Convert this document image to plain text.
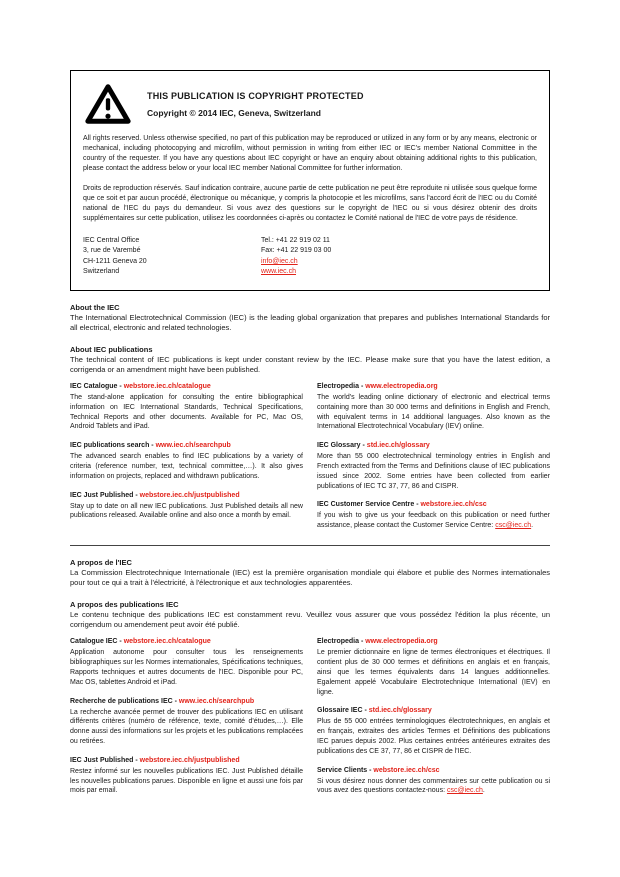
THIS PUBLICATION IS COPYRIGHT PROTECTED
Copyright © 2014 IEC, Geneva, Switzerland

All rights reserved. Unless otherwise specified, no part of this publication may be reproduced or utilized in any form or by any means, electronic or mechanical, including photocopying and microfilm, without permission in writing from either IEC or IEC's member National Committee in the country of the requester. If you have any questions about IEC copyright or have an enquiry about obtaining additional rights to this publication, please contact the address below or your local IEC member National Committee for further information.

Droits de reproduction réservés. Sauf indication contraire, aucune partie de cette publication ne peut être reproduite ni utilisée sous quelque forme que ce soit et par aucun procédé, électronique ou mécanique, y compris la photocopie et les microfilms, sans l'accord écrit de l'IEC ou du Comité national de l'IEC du pays du demandeur. Si vous avez des questions sur le copyright de l'IEC ou si vous désirez obtenir des droits supplémentaires sur cette publication, utilisez les coordonnées ci-après ou contactez le Comité national de l'IEC de votre pays de résidence.

IEC Central Office
3, rue de Varembé
CH-1211 Geneva 20
Switzerland
Tel.: +41 22 919 02 11
Fax: +41 22 919 03 00
info@iec.ch
www.iec.ch
About the IEC

The International Electrotechnical Commission (IEC) is the leading global organization that prepares and publishes International Standards for all electrical, electronic and related technologies.

About IEC publications

The technical content of IEC publications is kept under constant review by the IEC. Please make sure that you have the latest edition, a corrigenda or an amendment might have been published.

IEC Catalogue - webstore.iec.ch/catalogue
The stand-alone application for consulting the entire bibliographical information on IEC International Standards, Technical Specifications, Technical Reports and other documents. Available for PC, Mac OS, Android Tablets and iPad.
IEC publications search - www.iec.ch/searchpub
The advanced search enables to find IEC publications by a variety of criteria (reference number, text, technical committee,…). It also gives information on projects, replaced and withdrawn publications.
IEC Just Published - webstore.iec.ch/justpublished
Stay up to date on all new IEC publications. Just Published details all new publications released. Available online and also once a month by email.
Electropedia - www.electropedia.org
The world's leading online dictionary of electronic and electrical terms containing more than 30 000 terms and definitions in English and French, with equivalent terms in 14 additional languages. Also known as the International Electrotechnical Vocabulary (IEV) online.
IEC Glossary - std.iec.ch/glossary
More than 55 000 electrotechnical terminology entries in English and French extracted from the Terms and Definitions clause of IEC publications issued since 2002. Some entries have been collected from earlier publications of IEC TC 37, 77, 86 and CISPR.
IEC Customer Service Centre - webstore.iec.ch/csc
If you wish to give us your feedback on this publication or need further assistance, please contact the Customer Service Centre: csc@iec.ch.
A propos de l'IEC

La Commission Electrotechnique Internationale (IEC) est la première organisation mondiale qui élabore et publie des Normes internationales pour tout ce qui a trait à l'électricité, à l'électronique et aux technologies apparentées.

A propos des publications IEC

Le contenu technique des publications IEC est constamment revu. Veuillez vous assurer que vous possédez l'édition la plus récente, un corrigendum ou amendement peut avoir été publié.

Catalogue IEC - webstore.iec.ch/catalogue
Application autonome pour consulter tous les renseignements bibliographiques sur les Normes internationales, Spécifications techniques, Rapports techniques et autres documents de l'IEC. Disponible pour PC, Mac OS, tablettes Android et iPad.
Recherche de publications IEC - www.iec.ch/searchpub
La recherche avancée permet de trouver des publications IEC en utilisant différents critères (numéro de référence, texte, comité d'études,…). Elle donne aussi des informations sur les projets et les publications remplacées ou retirées.
IEC Just Published - webstore.iec.ch/justpublished
Restez informé sur les nouvelles publications IEC. Just Published détaille les nouvelles publications parues. Disponible en ligne et aussi une fois par mois par email.
Electropedia - www.electropedia.org
Le premier dictionnaire en ligne de termes électroniques et électriques. Il contient plus de 30 000 termes et définitions en anglais et en français, ainsi que les termes équivalents dans 14 langues additionnelles. Egalement appelé Vocabulaire Electrotechnique International (IEV) en ligne.
Glossaire IEC - std.iec.ch/glossary
Plus de 55 000 entrées terminologiques électrotechniques, en anglais et en français, extraites des articles Termes et Définitions des publications IEC parues depuis 2002. Plus certaines entrées antérieures extraites des publications des CE 37, 77, 86 et CISPR de l'IEC.
Service Clients - webstore.iec.ch/csc
Si vous désirez nous donner des commentaires sur cette publication ou si vous avez des questions contactez-nous: csc@iec.ch.
